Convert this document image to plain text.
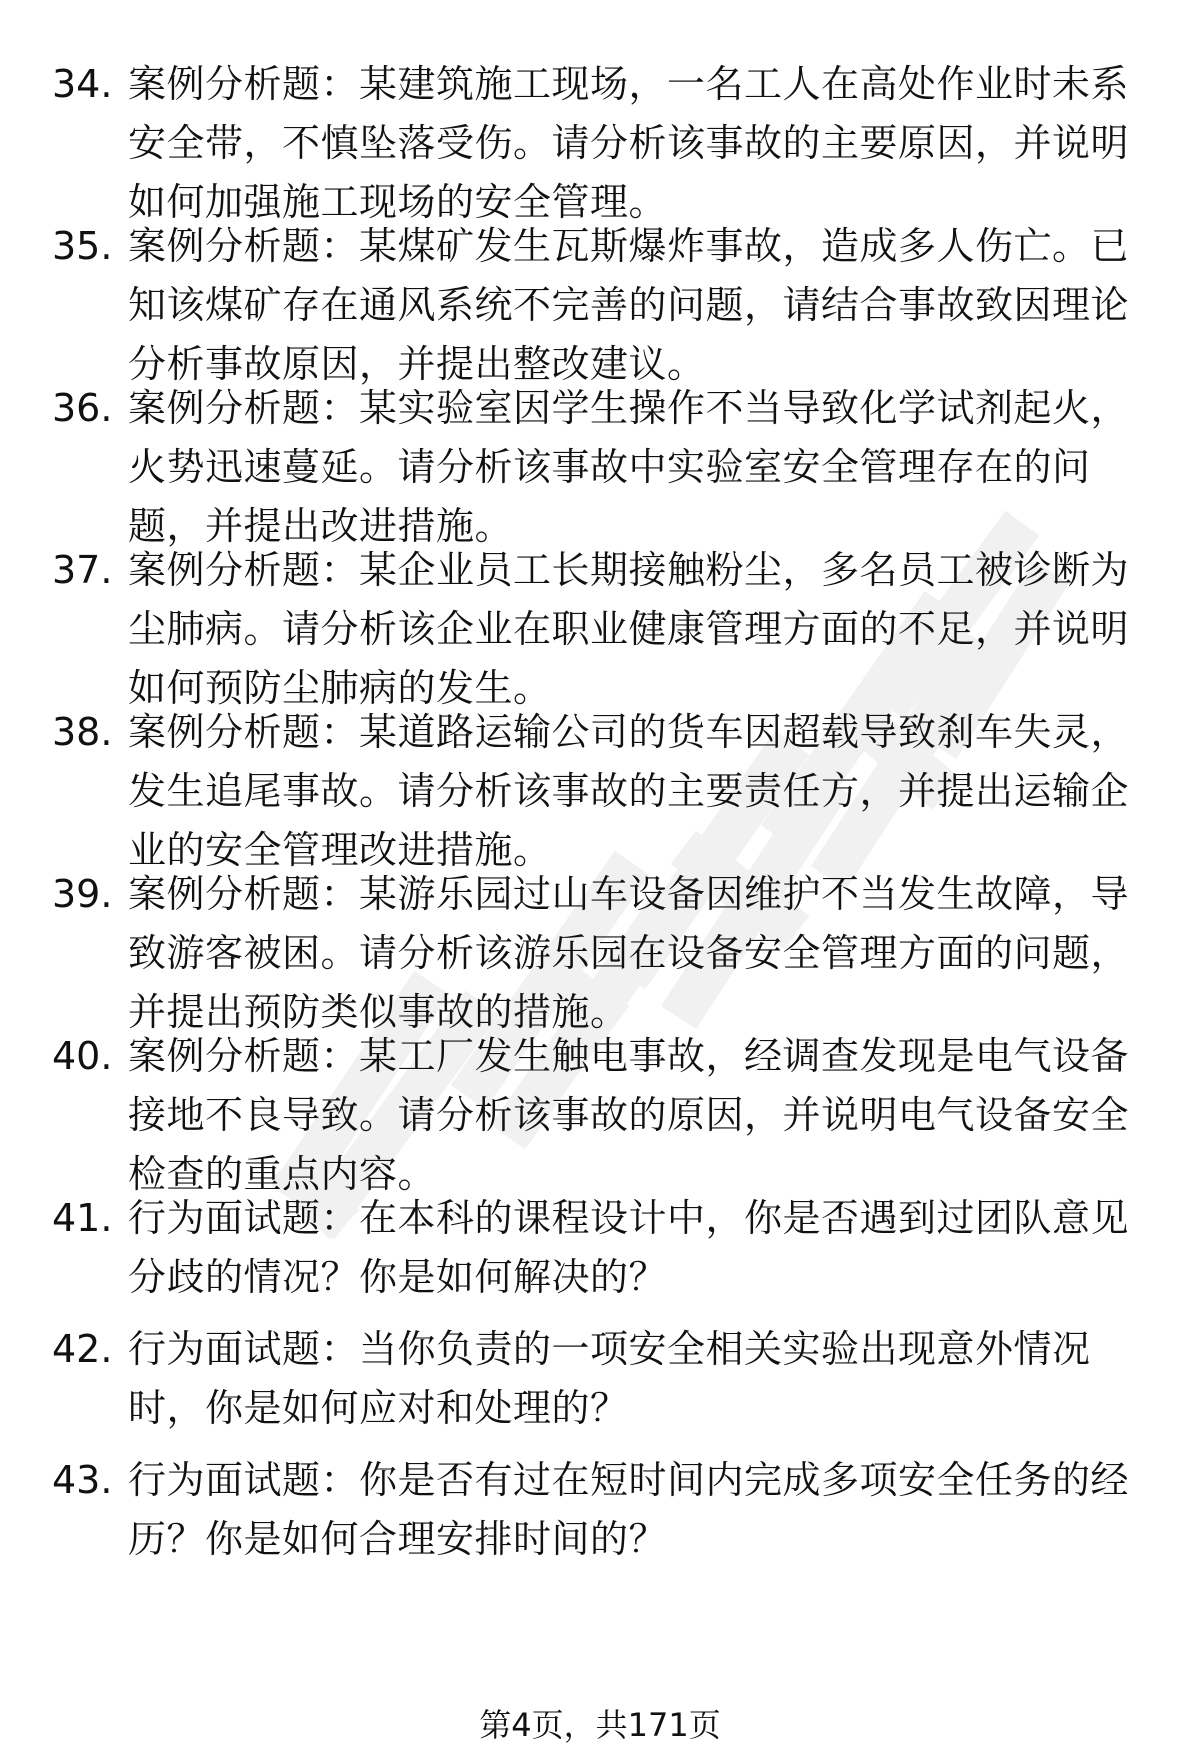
34. 案例分析题：某建筑施工现场，一名工人在高处作业时未系安全带，不慎坠落受伤。请分析该事故的主要原因，并说明如何加强施工现场的安全管理。
35. 案例分析题：某煤矿发生瓦斯爆炸事故，造成多人伤亡。已知该煤矿存在通风系统不完善的问题，请结合事故致因理论分析事故原因，并提出整改建议。
36. 案例分析题：某实验室因学生操作不当导致化学试剂起火，火势迅速蔓延。请分析该事故中实验室安全管理存在的问题，并提出改进措施。
37. 案例分析题：某企业员工长期接触粉尘，多名员工被诊断为尘肺病。请分析该企业在职业健康管理方面的不足，并说明如何预防尘肺病的发生。
38. 案例分析题：某道路运输公司的货车因超载导致刹车失灵，发生追尾事故。请分析该事故的主要责任方，并提出运输企业的安全管理改进措施。
39. 案例分析题：某游乐园过山车设备因维护不当发生故障，导致游客被困。请分析该游乐园在设备安全管理方面的问题，并提出预防类似事故的措施。
40. 案例分析题：某工厂发生触电事故，经调查发现是电气设备接地不良导致。请分析该事故的原因，并说明电气设备安全检查的重点内容。
41. 行为面试题：在本科的课程设计中，你是否遇到过团队意见分歧的情况？你是如何解决的？
42. 行为面试题：当你负责的一项安全相关实验出现意外情况时，你是如何应对和处理的？
43. 行为面试题：你是否有过在短时间内完成多项安全任务的经历？你是如何合理安排时间的？
第4页，共171页
